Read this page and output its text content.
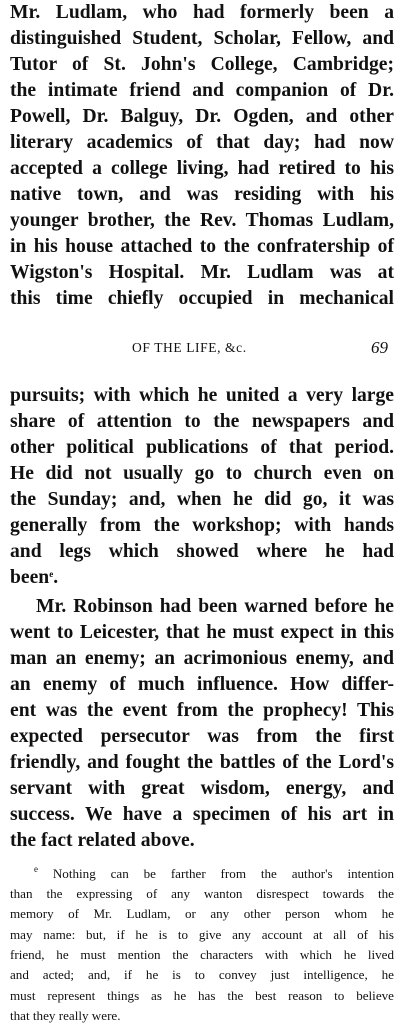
Mr. Ludlam, who had formerly been a
distinguished Student, Scholar, Fellow, and
Tutor of St. John's College, Cambridge;
the intimate friend and companion of Dr.
Powell, Dr. Balguy, Dr. Ogden, and other
literary academics of that day; had now
accepted a college living, had retired to his
native town, and was residing with his
younger brother, the Rev. Thomas Ludlam,
in his house attached to the confratership of
Wigston's Hospital. Mr. Ludlam was at
this time chiefly occupied in mechanical
OF THE LIFE, &c.	69
pursuits; with which he united a very large
share of attention to the newspapers and
other political publications of that period.
He did not usually go to church even on
the Sunday; and, when he did go, it was
generally from the workshop; with hands
and legs which showed where he had
been$^e$.
Mr. Robinson had been warned before he
went to Leicester, that he must expect in this
man an enemy; an acrimonious enemy, and
an enemy of much influence. How differ-
ent was the event from the prophecy! This
expected persecutor was from the first
friendly, and fought the battles of the Lord's
servant with great wisdom, energy, and
success. We have a specimen of his art in
the fact related above.
$^e$ Nothing can be farther from the author's intention
than the expressing of any wanton disrespect towards the
memory of Mr. Ludlam, or any other person whom he
may name: but, if he is to give any account at all of his
friend, he must mention the characters with which he lived
and acted; and, if he is to convey just intelligence, he
must represent things as he has the best reason to believe
that they really were.
